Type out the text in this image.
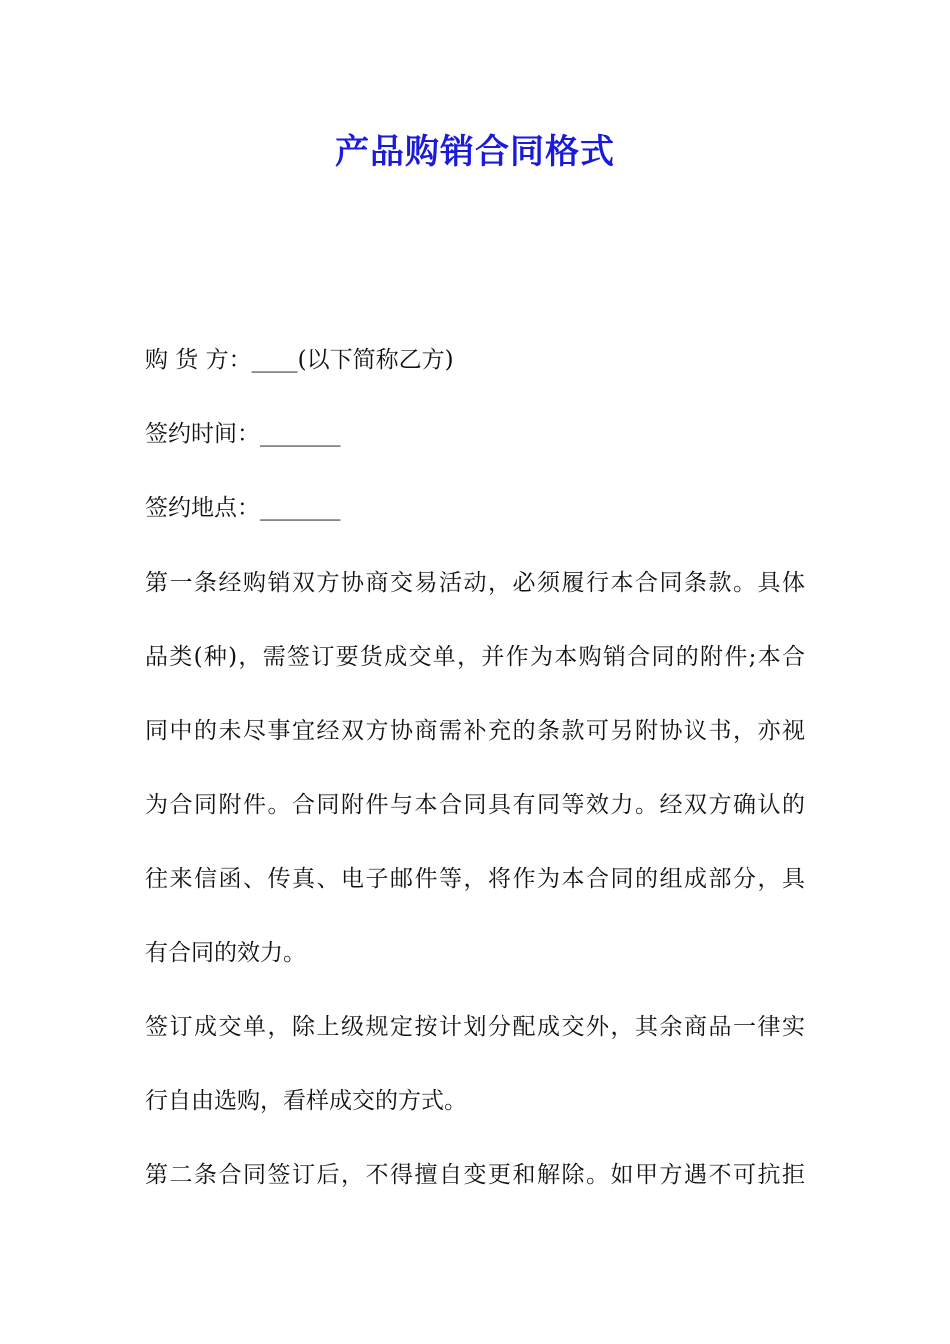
产品购销合同格式
购 货 方：____(以下简称乙方)
签约时间：_______
签约地点：_______
第一条经购销双方协商交易活动，必须履行本合同条款。具体
品类(种)，需签订要货成交单，并作为本购销合同的附件;本合
同中的未尽事宜经双方协商需补充的条款可另附协议书，亦视
为合同附件。合同附件与本合同具有同等效力。经双方确认的
往来信函、传真、电子邮件等，将作为本合同的组成部分，具
有合同的效力。
签订成交单，除上级规定按计划分配成交外，其余商品一律实
行自由选购，看样成交的方式。
第二条合同签订后，不得擅自变更和解除。如甲方遇不可抗拒
